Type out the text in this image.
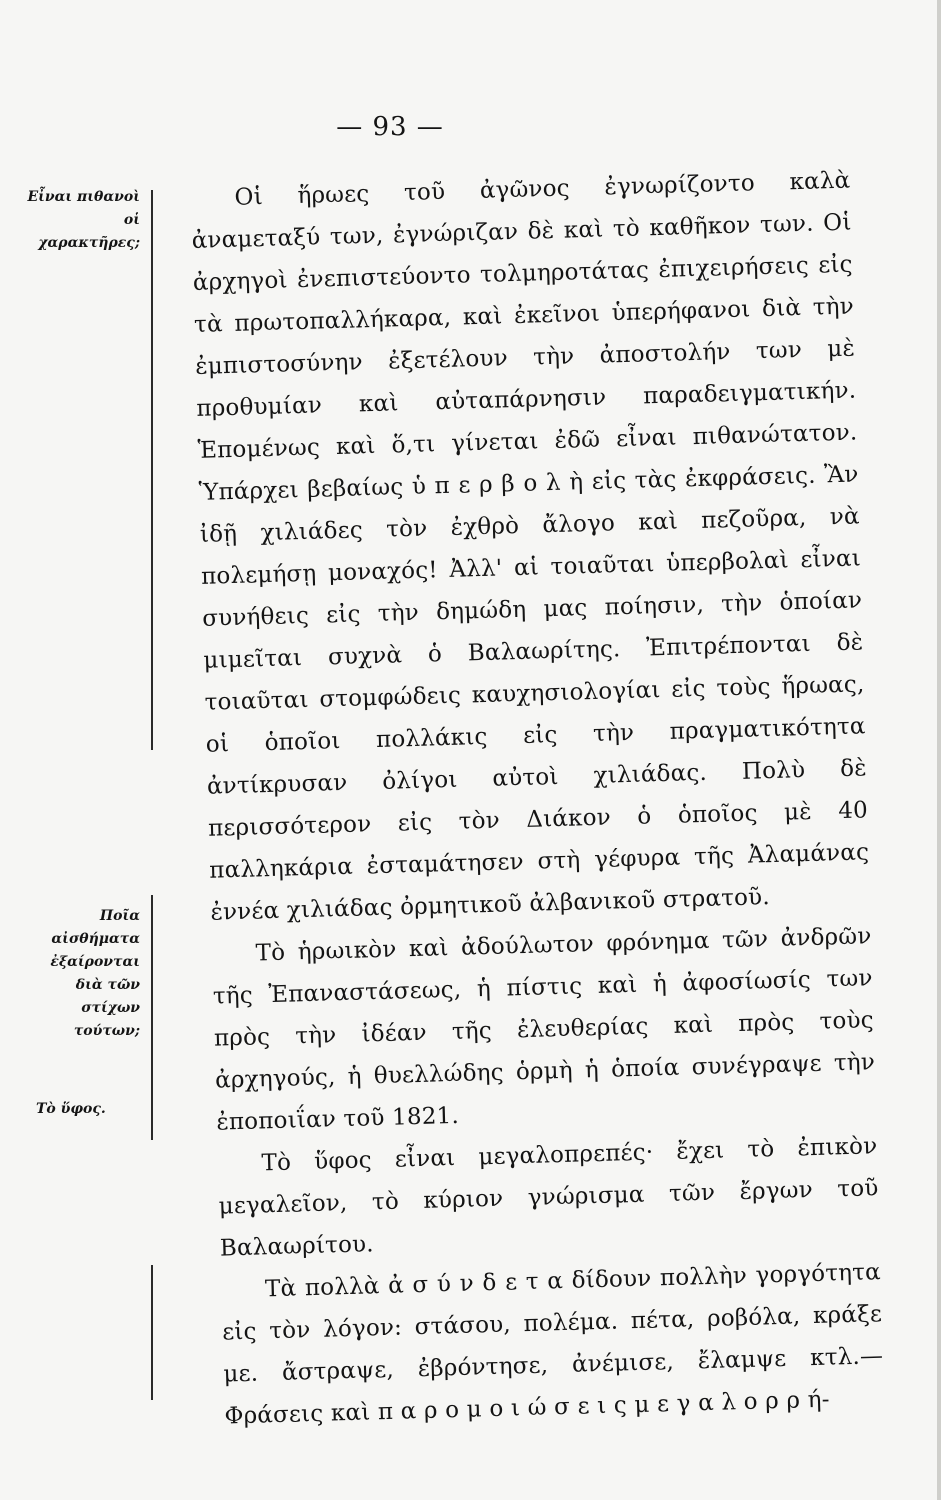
— 93 —
Εἶναι πιθανοὶ οἱ χαρακτῆρες;
Ποῖα αἰσθήματα ἐξαίρονται διὰ τῶν στίχων τούτων;
Τὸ ὕφος.

Οἱ ἥρωες τοῦ ἀγῶνος ἐγνωρίζοντο καλὰ ἀναμεταξύ των, ἐγνώριζαν δὲ καὶ τὸ καθῆκον των. Οἱ ἀρχηγοὶ ἐνεπιστεύοντο τολμηροτάτας ἐπιχειρήσεις εἰς τὰ πρωτοπαλλήκαρα, καὶ ἐκεῖνοι ὑπερήφανοι διὰ τὴν ἐμπιστοσύνην ἐξετέλουν τὴν ἀποστολήν των μὲ προθυμίαν καὶ αὐταπάρνησιν παραδειγματικήν. Ἑπομένως καὶ ὅ,τι γίνεται ἐδῶ εἶναι πιθανώτατον. Ὑπάρχει βεβαίως ὑ π ε ρ β ο λ ὴ εἰς τὰς ἐκφράσεις. Ἂν ἰδῇ χιλιάδες τὸν ἐχθρὸ ἄλογο καὶ πεζοῦρα, νὰ πολεμήσῃ μοναχός! Ἀλλ' αἱ τοιαῦται ὑπερβολαὶ εἶναι συνήθεις εἰς τὴν δημώδη μας ποίησιν, τὴν ὁποίαν μιμεῖται συχνὰ ὁ Βαλαωρίτης. Ἐπιτρέπονται δὲ τοιαῦται στομφώδεις καυχησιολογίαι εἰς τοὺς ἥρωας, οἱ ὁποῖοι πολλάκις εἰς τὴν πραγματικότητα ἀντίκρυσαν ὀλίγοι αὐτοὶ χιλιάδας. Πολὺ δὲ περισσότερον εἰς τὸν Διάκον ὁ ὁποῖος μὲ 40 παλληκάρια ἐσταμάτησεν στὴ γέφυρα τῆς Ἀλαμάνας ἐννέα χιλιάδας ὀρμητικοῦ ἀλβανικοῦ στρατοῦ.

Τὸ ἡρωικὸν καὶ ἀδούλωτον φρόνημα τῶν ἀνδρῶν τῆς Ἐπαναστάσεως, ἡ πίστις καὶ ἡ ἀφοσίωσίς των πρὸς τὴν ἰδέαν τῆς ἐλευθερίας καὶ πρὸς τοὺς ἀρχηγούς, ἡ θυελλώδης ὁρμὴ ἡ ὁποία συνέγραψε τὴν ἐποποιΐαν τοῦ 1821.

Τὸ ὕφος εἶναι μεγαλοπρεπές· ἔχει τὸ ἐπικὸν μεγαλεῖον, τὸ κύριον γνώρισμα τῶν ἔργων τοῦ Βαλαωρίτου.

Τὰ πολλὰ ἀ σ ύ ν δ ε τ α δίδουν πολλὴν γοργότητα εἰς τὸν λόγον: στάσου, πολέμα. πέτα, ροβόλα, κράξε με. ἄστραψε, ἐβρόντησε, ἀνέμισε, ἔλαμψε κτλ.— Φράσεις καὶ π α ρ ο μ ο ι ώ σ ε ι ς μ ε γ α λ ο ρ ρ ή-
